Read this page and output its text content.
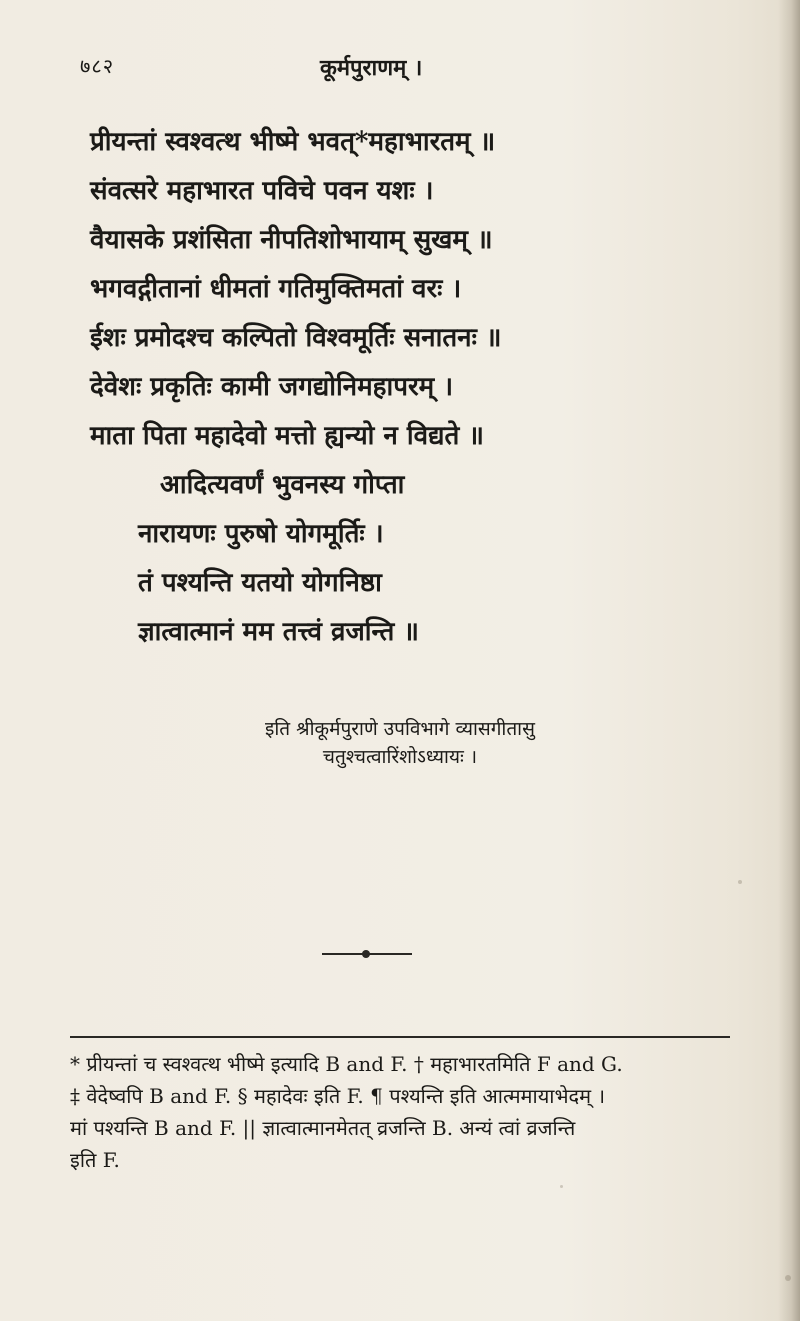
७८२	कूर्मपुराणम् ।
प्रीयन्तां स्वश्वत्थ भीष्मे भवत्*महाभारतम् ॥
संवत्सरे महाभारत पविचे पवन यशः ।
वैयासके प्रशंसिता नीपतिशोभायाम् सुखम् ॥
भगवद्गीतानां धीमतां गतिमुक्तिमतां वरः ।
ईशः प्रमोदश्च कल्पितो विश्वमूर्तिः सनातनः ॥
देवेशः प्रकृतिः कामी जगद्योनिमहापरम् ।
माता पिता महादेवो मत्तो ह्यन्यो न विद्यते ॥
आदित्यवर्णं भुवनस्य गोप्ता
नारायणः पुरुषो योगमूर्तिः ।
तं पश्यन्ति यतयो योगनिष्ठा
ज्ञात्वात्मानं मम तत्त्वं व्रजन्ति ॥
इति श्रीकूर्मपुराणे उपविभागे व्यासगीतासु
चतुश्चत्वारिंशोऽध्यायः ।
* प्रीयन्तां च स्वश्वत्थ भीष्मे इत्यादि B and F. † महाभारतमिति F and G.
‡ वेदेष्वपि B and F. § महादेवः इति F. ¶ पश्यन्ति इति आत्ममायाभेदम् ।
मां पश्यन्ति B and F. || ज्ञात्वात्मानमेतत् व्रजन्ति B. अन्यं त्वां व्रजन्ति
इति F.
